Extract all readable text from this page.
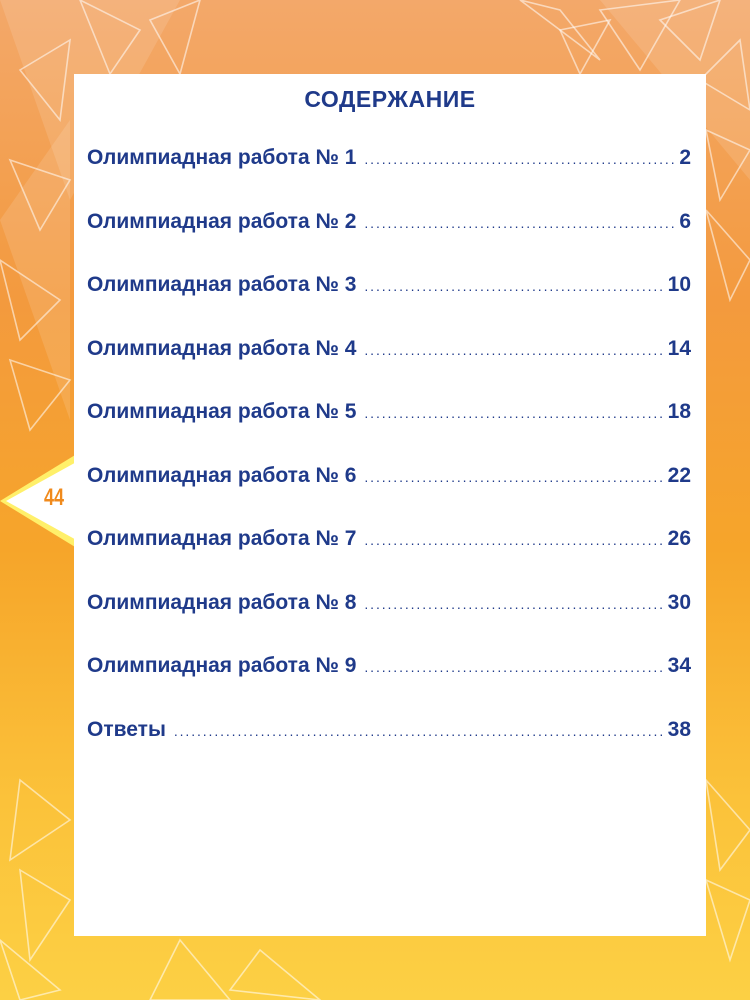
44
СОДЕРЖАНИЕ
Олимпиадная работа № 1 . . .	2
Олимпиадная работа № 2 . . .	6
Олимпиадная работа № 3 . . .	10
Олимпиадная работа № 4 . . .	14
Олимпиадная работа № 5 . . .	18
Олимпиадная работа № 6 . . .	22
Олимпиадная работа № 7 . . .	26
Олимпиадная работа № 8 . . .	30
Олимпиадная работа № 9 . . .	34
Ответы . . .	38
